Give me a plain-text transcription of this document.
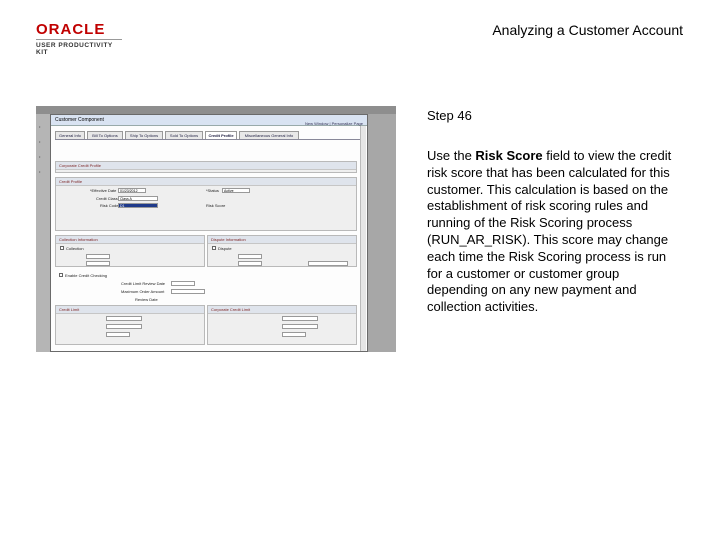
ORACLE
USER PRODUCTIVITY KIT
Analyzing a Customer Account
•
•
•
•
Customer Component
New Window | Personalize Page
General Info	Bill To Options	Ship To Options	Sold To Options	Credit Profile	Miscellaneous General Info
Corporate Credit Profile
Credit Profile
*Effective Date	01/23/2012	*Status	Active
Credit Class Class A
Risk Code D1	Risk Score
Collection Information
Collection
Dispute Information
Dispute
Enable Credit Checking
Credit Limit Review Date
Maximum Order Amount
Review Date
Credit Limit	Corporate Credit Limit
Step 46
Use the Risk Score field to view the credit risk score that has been calculated for this customer. This calculation is based on the establishment of risk scoring rules and running of the Risk Scoring process (RUN_AR_RISK). This score may change each time the Risk Scoring process is run for a customer or customer group depending on any new payment and collection activities.
